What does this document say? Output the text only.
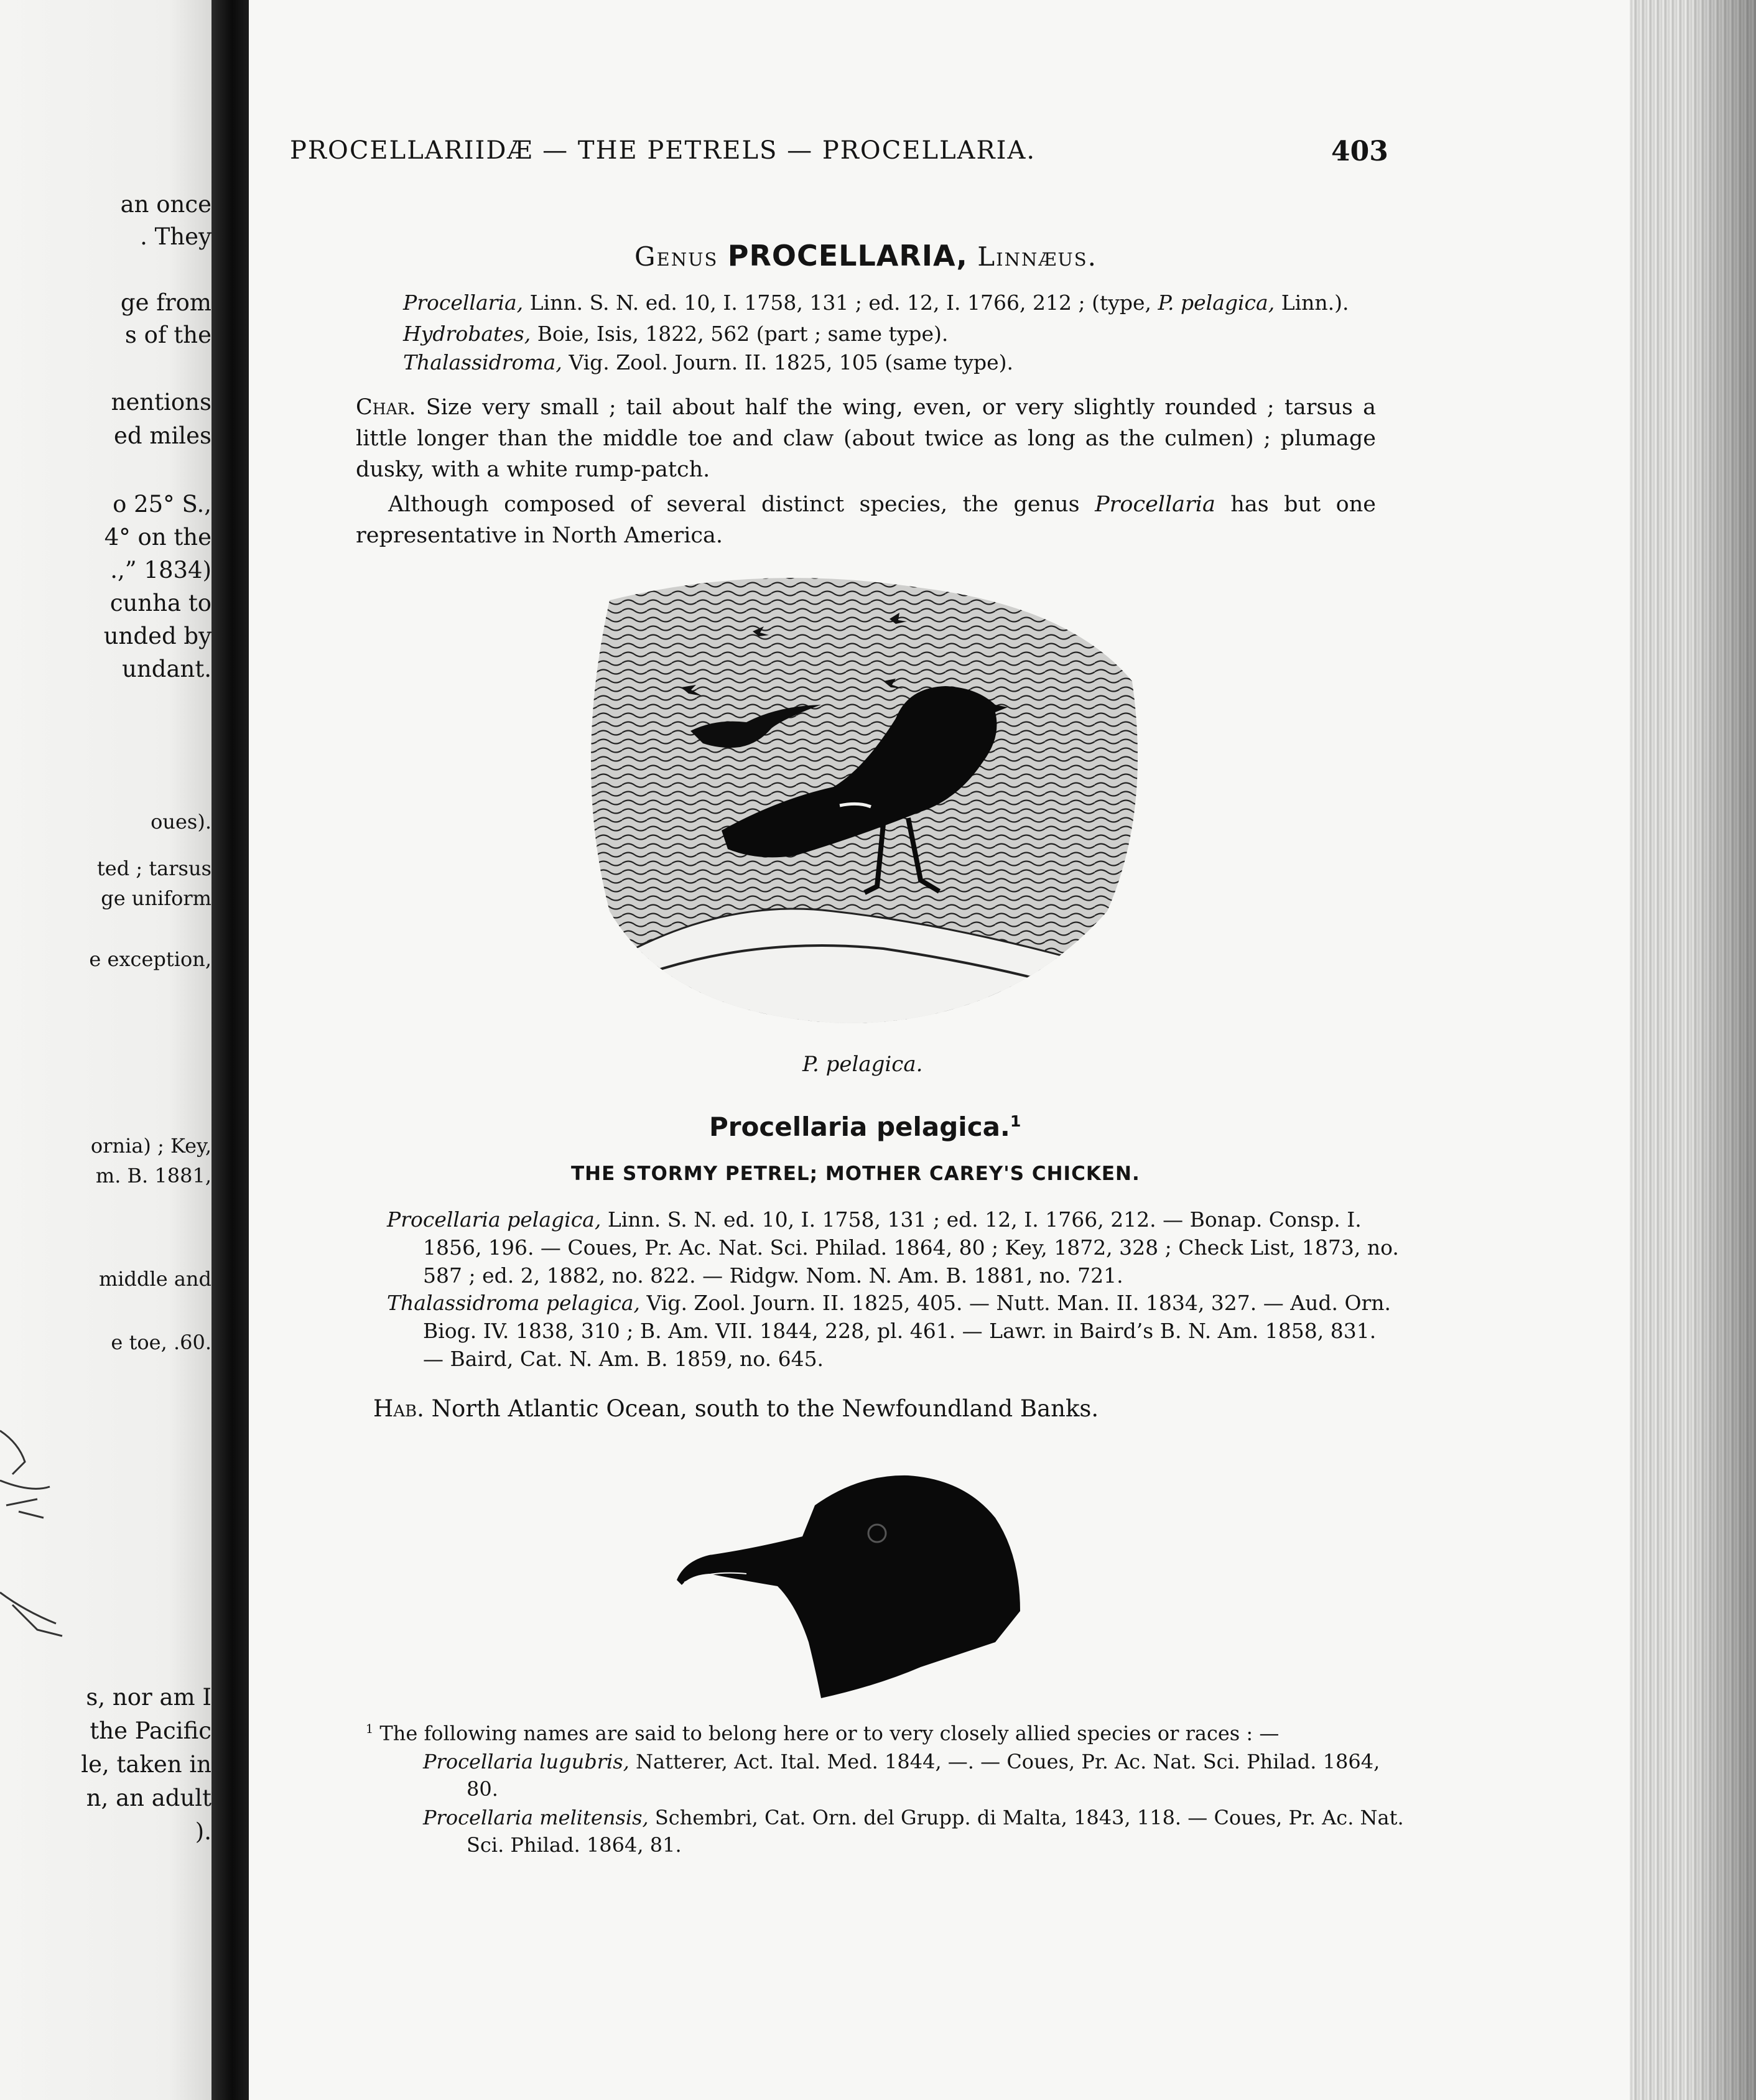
an once
. They
ge from
s of the
nentions
ed miles
o 25° S.,
4° on the
.,” 1834)
cunha to
unded by
undant.
oues).
ted ; tarsus
ge uniform
e exception,
ornia) ; Key,
m. B. 1881,
middle and
e toe, .60.
s, nor am I
the Pacific
le, taken in
n, an adult
).
PROCELLARIIDÆ — THE PETRELS — PROCELLARIA.	403
Genus PROCELLARIA, Linnæus.
Procellaria, Linn. S. N. ed. 10, I. 1758, 131 ; ed. 12, I. 1766, 212 ; (type, P. pelagica, Linn.).
Hydrobates, Boie, Isis, 1822, 562 (part ; same type).
Thalassidroma, Vig. Zool. Journ. II. 1825, 105 (same type).
Char. Size very small ; tail about half the wing, even, or very slightly rounded ; tarsus a little longer than the middle toe and claw (about twice as long as the culmen) ; plumage dusky, with a white rump-patch.
Although composed of several distinct species, the genus Procellaria has but one representative in North America.
P. pelagica.
Procellaria pelagica.$^1$
THE STORMY PETREL; MOTHER CAREY'S CHICKEN.
Procellaria pelagica, Linn. S. N. ed. 10, I. 1758, 131 ; ed. 12, I. 1766, 212. — Bonap. Consp. I. 1856, 196. — Coues, Pr. Ac. Nat. Sci. Philad. 1864, 80 ; Key, 1872, 328 ; Check List, 1873, no. 587 ; ed. 2, 1882, no. 822. — Ridgw. Nom. N. Am. B. 1881, no. 721.
Thalassidroma pelagica, Vig. Zool. Journ. II. 1825, 405. — Nutt. Man. II. 1834, 327. — Aud. Orn. Biog. IV. 1838, 310 ; B. Am. VII. 1844, 228, pl. 461. — Lawr. in Baird’s B. N. Am. 1858, 831. — Baird, Cat. N. Am. B. 1859, no. 645.
Hab. North Atlantic Ocean, south to the Newfoundland Banks.
$^1$ The following names are said to belong here or to very closely allied species or races : —
Procellaria lugubris, Natterer, Act. Ital. Med. 1844, —. — Coues, Pr. Ac. Nat. Sci. Philad. 1864, 80.
Procellaria melitensis, Schembri, Cat. Orn. del Grupp. di Malta, 1843, 118. — Coues, Pr. Ac. Nat. Sci. Philad. 1864, 81.
